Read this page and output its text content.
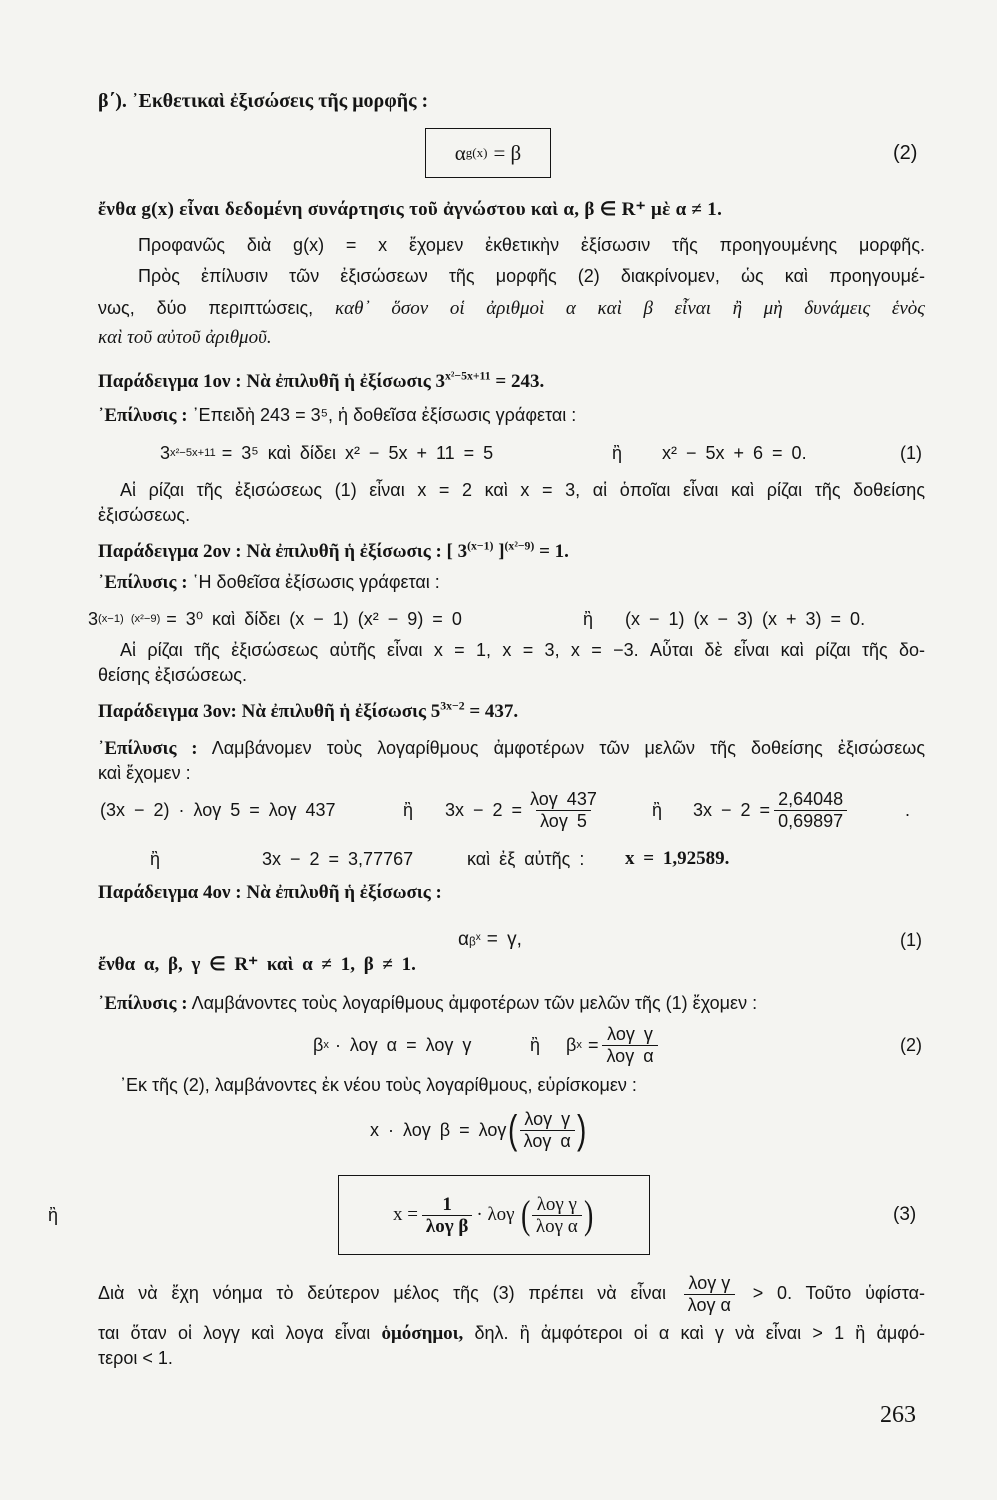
β΄). ᾿Εκθετικαὶ ἐξισώσεις τῆς μορφῆς :
α g(x) = β	(2)
ἔνθα g(x) εἶναι δεδομένη συνάρτησις τοῦ ἀγνώστου καὶ α, β ∈ R⁺ μὲ α ≠ 1.
Προφανῶς διὰ g(x) = x ἔχομεν ἐκθετικὴν ἐξίσωσιν τῆς προηγουμένης μορφῆς.
Πρὸς ἐπίλυσιν τῶν ἐξισώσεων τῆς μορφῆς (2) διακρίνομεν, ὡς καὶ προηγουμέ-
νως, δύο περιπτώσεις, καθ᾽ ὅσον οἱ ἀριθμοὶ α καὶ β εἶναι ἢ μὴ δυνάμεις ἑνὸς
καὶ τοῦ αὐτοῦ ἀριθμοῦ.
Παράδειγμα 1ον : Νὰ ἐπιλυθῆ ἡ ἐξίσωσις $3^{x^2-5x+11} = 243$.
᾿Επίλυσις : ᾿Επειδὴ 243 = 3⁵, ἡ δοθεῖσα ἐξίσωσις γράφεται :
3 x²−5x+11 = 3⁵ καὶ δίδει x² − 5x + 11 = 5	ἢ x² − 5x + 6 = 0.	(1)
Αἱ ρίζαι τῆς ἐξισώσεως (1) εἶναι x = 2 καὶ x = 3, αἱ ὁποῖαι εἶναι καὶ ρίζαι τῆς δοθείσης
ἐξισώσεως.
Παράδειγμα 2ον : Νὰ ἐπιλυθῆ ἡ ἐξίσωσις : [ $3^{(x-1)}$ ]$^{(x^2-9)}$ = 1.
᾿Επίλυσις : ῾Η δοθεῖσα ἐξίσωσις γράφεται :
3 (x−1) (x²−9) = 3⁰ καὶ δίδει (x − 1) (x² − 9) = 0	ἢ (x − 1) (x − 3) (x + 3) = 0.
Αἱ ρίζαι τῆς ἐξισώσεως αὐτῆς εἶναι x = 1, x = 3, x = −3. Αὗται δὲ εἶναι καὶ ρίζαι τῆς δο-
θείσης ἐξισώσεως.
Παράδειγμα 3ον: Νὰ ἐπιλυθῆ ἡ ἐξίσωσις $5^{3x-2} = 437$.
᾿Επίλυσις : Λαμβάνομεν τοὺς λογαρίθμους ἀμφοτέρων τῶν μελῶν τῆς δοθείσης ἐξισώσεως
καὶ ἔχομεν :
(3x − 2) · λογ 5 = λογ 437	ἢ $3x - 2 = \frac{\text{λογ 437}}{\text{λογ 5}}$	ἢ $3x - 2 = \frac{2,64048}{0,69897}$	.
ἢ	3x − 2 = 3,77767	καὶ ἐξ αὐτῆς : x = 1,92589.
Παράδειγμα 4ον : Νὰ ἐπιλυθῆ ἡ ἐξίσωσις :
α $\beta^x = \gamma$,	(1)
ἔνθα α, β, γ ∈ R⁺ καὶ α ≠ 1, β ≠ 1.
᾿Επίλυσις : Λαμβάνοντες τοὺς λογαρίθμους ἀμφοτέρων τῶν μελῶν τῆς (1) ἔχομεν :
β x · λογ α = λογ γ	ἢ β $x = \frac{\text{λογ γ}}{\text{λογ α}}$	(2)
᾿Εκ τῆς (2), λαμβάνοντες ἐκ νέου τοὺς λογαρίθμους, εὑρίσκομεν :
x · λογ β = λογ ( $\frac{\text{λογ γ}}{\text{λογ α}}$ )
ἢ	$x = \frac{1}{\text{λογ β}} \cdot \lambda o\gamma$ ( $\frac{\text{λογ γ}}{\text{λογ α}}$ )	(3)
Διὰ νὰ ἔχη νόημα τὸ δεύτερον μέλος τῆς (3) πρέπει νὰ εἶναι $\frac{\text{λογ γ}}{\text{λογ α}} > 0$. Τοῦτο ὑφίστα-
ται ὅταν οἱ λογγ καὶ λογα εἶναι ὁμόσημοι, δηλ. ἢ ἀμφότεροι οἱ α καὶ γ νὰ εἶναι > 1 ἢ ἀμφό-
τεροι < 1.
263
